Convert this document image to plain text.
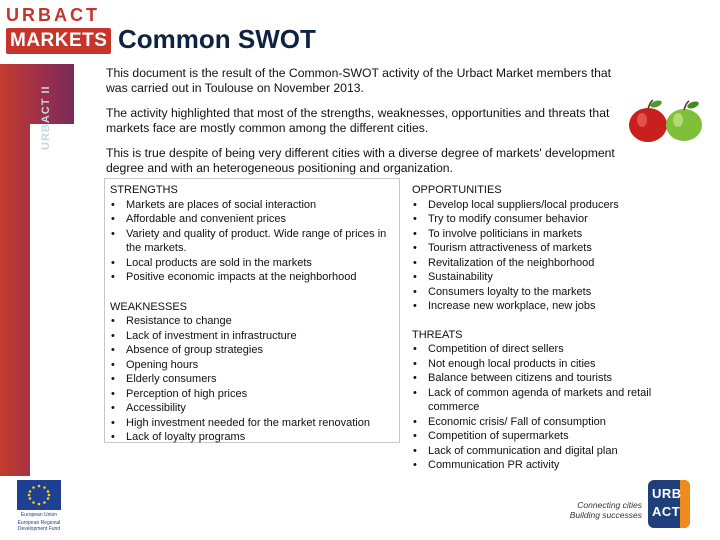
URBACT II
URBACT
MARKETS Common SWOT

This document is the result of the Common-SWOT activity of the Urbact Market members that was carried out in Toulouse on November 2013.

The activity highlighted that most of the strengths, weaknesses, opportunities and threats that markets face are mostly common among the different cities.

This is true despite of being very different cities with a diverse degree of markets' development degree and with an heterogeneous positioning and organization.

STRENGTHS
• Markets are places of social interaction
• Affordable and convenient prices
• Variety and quality of product. Wide range of prices in the markets.
• Local products are sold in the markets
• Positive economic impacts at the neighborhood
WEAKNESSES
• Resistance to change
• Lack of investment in infrastructure
• Absence of group strategies
• Opening hours
• Elderly consumers
• Perception of high prices
• Accessibility
• High investment needed for the market renovation
• Lack of loyalty programs
OPPORTUNITIES
• Develop local suppliers/local producers
• Try to modify consumer behavior
• To involve politicians in markets
• Tourism attractiveness of markets
• Revitalization of the neighborhood
• Sustainability
• Consumers loyalty to the markets
• Increase new workplace, new jobs
THREATS
• Competition of direct sellers
• Not enough local products in cities
• Balance between citizens and tourists
• Lack of common agenda of markets and retail commerce
• Economic crisis/ Fall of consumption
• Competition of supermarkets
• Lack of communication and digital plan
• Communication PR activity
European Union
European Regional Development Fund
Connecting cities
Building successes
URB
ACT
